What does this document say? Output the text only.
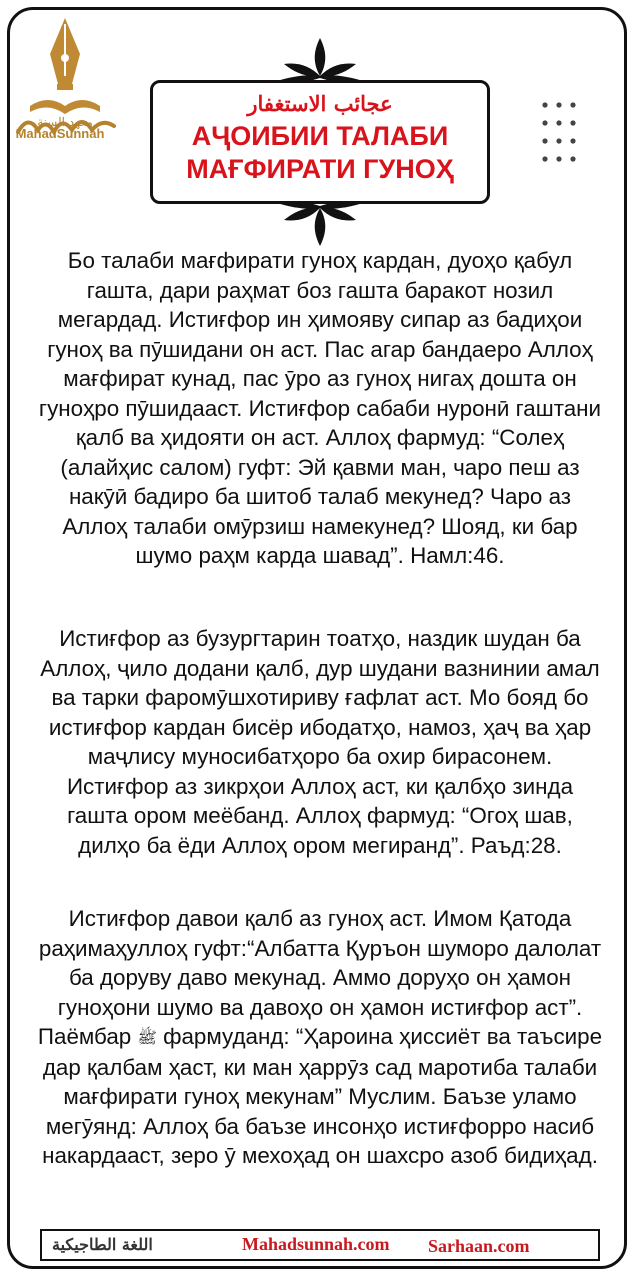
معهد السنة
MahadSunnah
عجائب الاستغفار
АҶОИБИИ ТАЛАБИ
МАҒФИРАТИ ГУНОҲ
Бо талаби мағфирати гуноҳ кардан, дуоҳо қабул гашта, дари раҳмат боз гашта баракот нозил мегардад. Истиғфор ин ҳимояву сипар аз бадиҳои гуноҳ ва пӯшидани он аст. Пас агар бандаеро Аллоҳ мағфират кунад, пас ӯро аз гуноҳ нигаҳ дошта он гуноҳро пӯшидааст. Истиғфор сабаби нуронӣ гаштани қалб ва ҳидояти он аст. Аллоҳ фармуд: “Солеҳ (алайҳис салом) гуфт: Эй қавми ман, чаро пеш аз накӯӣ бадиро ба шитоб талаб мекунед? Чаро аз Аллоҳ талаби омӯрзиш намекунед? Шояд, ки бар шумо раҳм карда шавад”. Намл:46.
Истиғфор аз бузургтарин тоатҳо, наздик шудан ба Аллоҳ, ҷило додани қалб, дур шудани вазнинии амал ва тарки фаромӯшхотириву ғафлат аст. Мо бояд бо истиғфор кардан бисёр ибодатҳо, намоз, ҳаҷ ва ҳар маҷлису муносибатҳоро ба охир бирасонем. Истиғфор аз зикрҳои Аллоҳ аст, ки қалбҳо зинда гашта ором меёбанд. Аллоҳ фармуд: “Огоҳ шав, дилҳо ба ёди Аллоҳ ором мегиранд”. Раъд:28.
Истиғфор давои қалб аз гуноҳ аст. Имом Қатода раҳимаҳуллоҳ гуфт:“Албатта Қуръон шуморо далолат ба доруву даво мекунад. Аммо доруҳо он ҳамон гуноҳони шумо ва давоҳо он ҳамон истиғфор аст”. Паёмбар ﷺ фармуданд: “Ҳароина ҳиссиёт ва таъсире дар қалбам ҳаст, ки ман ҳаррӯз сад маротиба талаби мағфирати гуноҳ мекунам” Муслим. Баъзе уламо мегӯянд: Аллоҳ ба баъзе инсонҳо истиғфорро насиб накардааст, зеро ӯ мехоҳад он шахсро азоб бидиҳад.
اللغة الطاجيكية	Mahadsunnah.com Sarhaan.com
